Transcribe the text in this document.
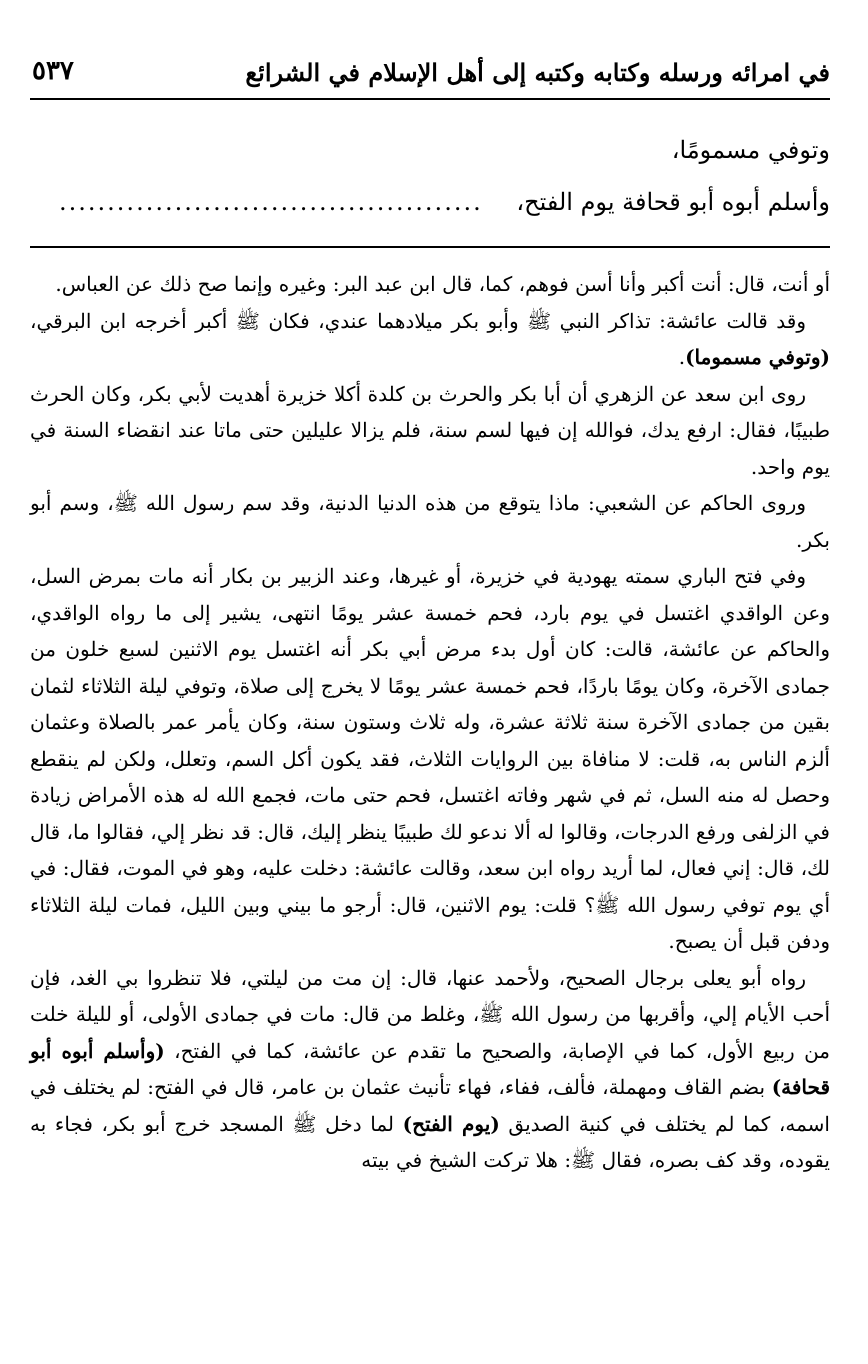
في امرائه ورسله وكتابه وكتبه إلى أهل الإسلام في الشرائع
٥٣٧
وتوفي مسمومًا،
وأسلم أبوه أبو قحافة يوم الفتح، ............................................

أو أنت، قال: أنت أكبر وأنا أسن فوهم، كما، قال ابن عبد البر: وغيره وإنما صح ذلك عن العباس.

وقد قالت عائشة: تذاكر النبي ﷺ وأبو بكر ميلادهما عندي، فكان ﷺ أكبر أخرجه ابن البرقي، (وتوفي مسموما).

روى ابن سعد عن الزهري أن أبا بكر والحرث بن كلدة أكلا خزيرة أهديت لأبي بكر، وكان الحرث طبيبًا، فقال: ارفع يدك، فوالله إن فيها لسم سنة، فلم يزالا عليلين حتى ماتا عند انقضاء السنة في يوم واحد.

وروى الحاكم عن الشعبي: ماذا يتوقع من هذه الدنيا الدنية، وقد سم رسول الله ﷺ، وسم أبو بكر.

وفي فتح الباري سمته يهودية في خزيرة، أو غيرها، وعند الزبير بن بكار أنه مات بمرض السل، وعن الواقدي اغتسل في يوم بارد، فحم خمسة عشر يومًا انتهى، يشير إلى ما رواه الواقدي، والحاكم عن عائشة، قالت: كان أول بدء مرض أبي بكر أنه اغتسل يوم الاثنين لسبع خلون من جمادى الآخرة، وكان يومًا باردًا، فحم خمسة عشر يومًا لا يخرج إلى صلاة، وتوفي ليلة الثلاثاء لثمان بقين من جمادى الآخرة سنة ثلاثة عشرة، وله ثلاث وستون سنة، وكان يأمر عمر بالصلاة وعثمان ألزم الناس به، قلت: لا منافاة بين الروايات الثلاث، فقد يكون أكل السم، وتعلل، ولكن لم ينقطع وحصل له منه السل، ثم في شهر وفاته اغتسل، فحم حتى مات، فجمع الله له هذه الأمراض زيادة في الزلفى ورفع الدرجات، وقالوا له ألا ندعو لك طبيبًا ينظر إليك، قال: قد نظر إلي، فقالوا ما، قال لك، قال: إني فعال، لما أريد رواه ابن سعد، وقالت عائشة: دخلت عليه، وهو في الموت، فقال: في أي يوم توفي رسول الله ﷺ؟ قلت: يوم الاثنين، قال: أرجو ما بيني وبين الليل، فمات ليلة الثلاثاء ودفن قبل أن يصبح.

رواه أبو يعلى برجال الصحيح، ولأحمد عنها، قال: إن مت من ليلتي، فلا تنظروا بي الغد، فإن أحب الأيام إلي، وأقربها من رسول الله ﷺ، وغلط من قال: مات في جمادى الأولى، أو لليلة خلت من ربيع الأول، كما في الإصابة، والصحيح ما تقدم عن عائشة، كما في الفتح، (وأسلم أبوه أبو قحافة) بضم القاف ومهملة، فألف، ففاء، فهاء تأنيث عثمان بن عامر، قال في الفتح: لم يختلف في اسمه، كما لم يختلف في كنية الصديق (يوم الفتح) لما دخل ﷺ المسجد خرج أبو بكر، فجاء به يقوده، وقد كف بصره، فقال ﷺ: هلا تركت الشيخ في بيته
